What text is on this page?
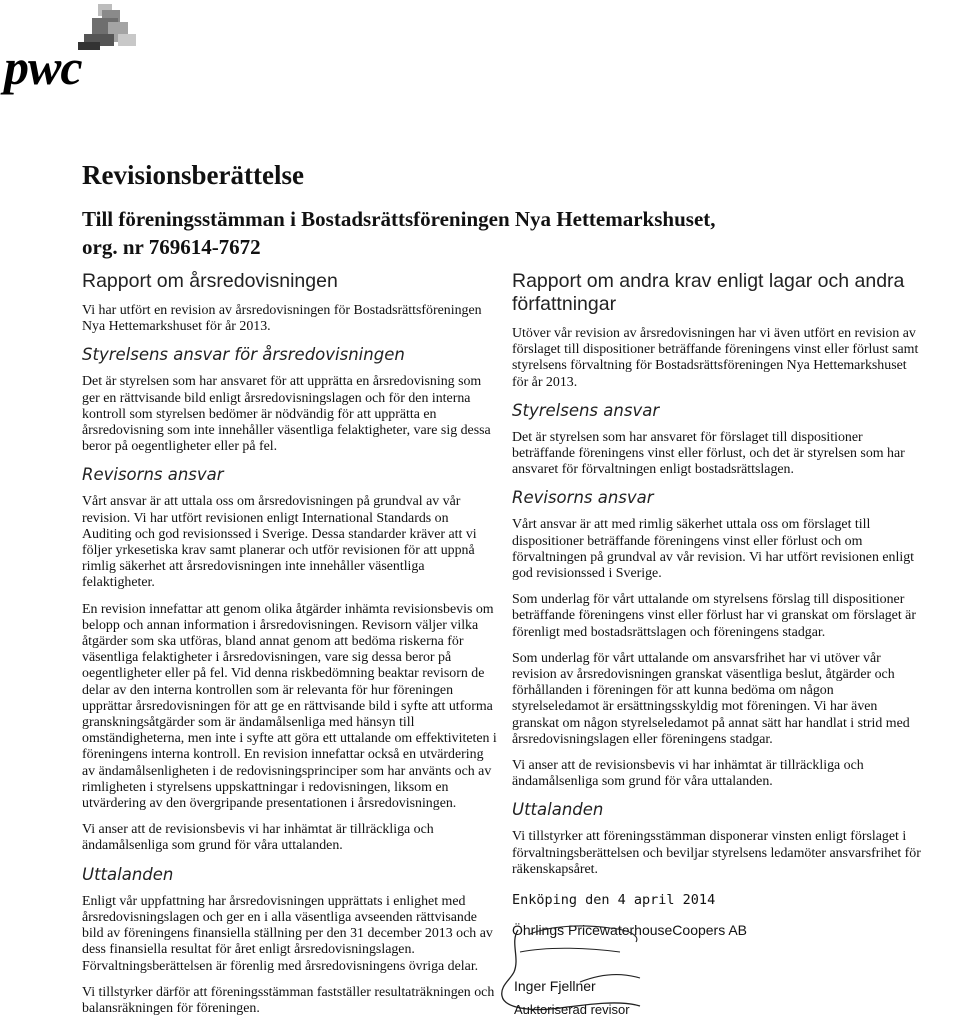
pwc
Revisionsberättelse
Till föreningsstämman i Bostadsrättsföreningen Nya Hettemarkshuset, org. nr 769614-7672
Rapport om årsredovisningen

Vi har utfört en revision av årsredovisningen för Bostadsrättsföreningen Nya Hettemarkshuset för år 2013.

Styrelsens ansvar för årsredovisningen

Det är styrelsen som har ansvaret för att upprätta en årsredovisning som ger en rättvisande bild enligt årsredovisningslagen och för den interna kontroll som styrelsen bedömer är nödvändig för att upprätta en årsredovisning som inte innehåller väsentliga felaktigheter, vare sig dessa beror på oegentligheter eller på fel.

Revisorns ansvar

Vårt ansvar är att uttala oss om årsredovisningen på grundval av vår revision. Vi har utfört revisionen enligt International Standards on Auditing och god revisionssed i Sverige. Dessa standarder kräver att vi följer yrkesetiska krav samt planerar och utför revisionen för att uppnå rimlig säkerhet att årsredovisningen inte innehåller väsentliga felaktigheter.

En revision innefattar att genom olika åtgärder inhämta revisionsbevis om belopp och annan information i årsredovisningen. Revisorn väljer vilka åtgärder som ska utföras, bland annat genom att bedöma riskerna för väsentliga felaktigheter i årsredovisningen, vare sig dessa beror på oegentligheter eller på fel. Vid denna riskbedömning beaktar revisorn de delar av den interna kontrollen som är relevanta för hur föreningen upprättar årsredovisningen för att ge en rättvisande bild i syfte att utforma granskningsåtgärder som är ändamålsenliga med hänsyn till omständigheterna, men inte i syfte att göra ett uttalande om effektiviteten i föreningens interna kontroll. En revision innefattar också en utvärdering av ändamålsenligheten i de redovisningsprinciper som har använts och av rimligheten i styrelsens uppskattningar i redovisningen, liksom en utvärdering av den övergripande presentationen i årsredovisningen.

Vi anser att de revisionsbevis vi har inhämtat är tillräckliga och ändamålsenliga som grund för våra uttalanden.

Uttalanden

Enligt vår uppfattning har årsredovisningen upprättats i enlighet med årsredovisningslagen och ger en i alla väsentliga avseenden rättvisande bild av föreningens finansiella ställning per den 31 december 2013 och av dess finansiella resultat för året enligt årsredovisningslagen. Förvaltningsberättelsen är förenlig med årsredovisningens övriga delar.

Vi tillstyrker därför att föreningsstämman fastställer resultaträkningen och balansräkningen för föreningen.

Rapport om andra krav enligt lagar och andra författningar

Utöver vår revision av årsredovisningen har vi även utfört en revision av förslaget till dispositioner beträffande föreningens vinst eller förlust samt styrelsens förvaltning för Bostadsrättsföreningen Nya Hettemarkshuset för år 2013.

Styrelsens ansvar

Det är styrelsen som har ansvaret för förslaget till dispositioner beträffande föreningens vinst eller förlust, och det är styrelsen som har ansvaret för förvaltningen enligt bostadsrättslagen.

Revisorns ansvar

Vårt ansvar är att med rimlig säkerhet uttala oss om förslaget till dispositioner beträffande föreningens vinst eller förlust och om förvaltningen på grundval av vår revision. Vi har utfört revisionen enligt god revisionssed i Sverige.

Som underlag för vårt uttalande om styrelsens förslag till dispositioner beträffande föreningens vinst eller förlust har vi granskat om förslaget är förenligt med bostadsrättslagen och föreningens stadgar.

Som underlag för vårt uttalande om ansvarsfrihet har vi utöver vår revision av årsredovisningen granskat väsentliga beslut, åtgärder och förhållanden i föreningen för att kunna bedöma om någon styrelseledamot är ersättningsskyldig mot föreningen. Vi har även granskat om någon styrelseledamot på annat sätt har handlat i strid med årsredovisningslagen eller föreningens stadgar.

Vi anser att de revisionsbevis vi har inhämtat är tillräckliga och ändamålsenliga som grund för våra uttalanden.

Uttalanden

Vi tillstyrker att föreningsstämman disponerar vinsten enligt förslaget i förvaltningsberättelsen och beviljar styrelsens ledamöter ansvarsfrihet för räkenskapsåret.

Enköping den 4 april 2014
Öhrlings PricewaterhouseCoopers AB
Inger Fjellner
Auktoriserad revisor
